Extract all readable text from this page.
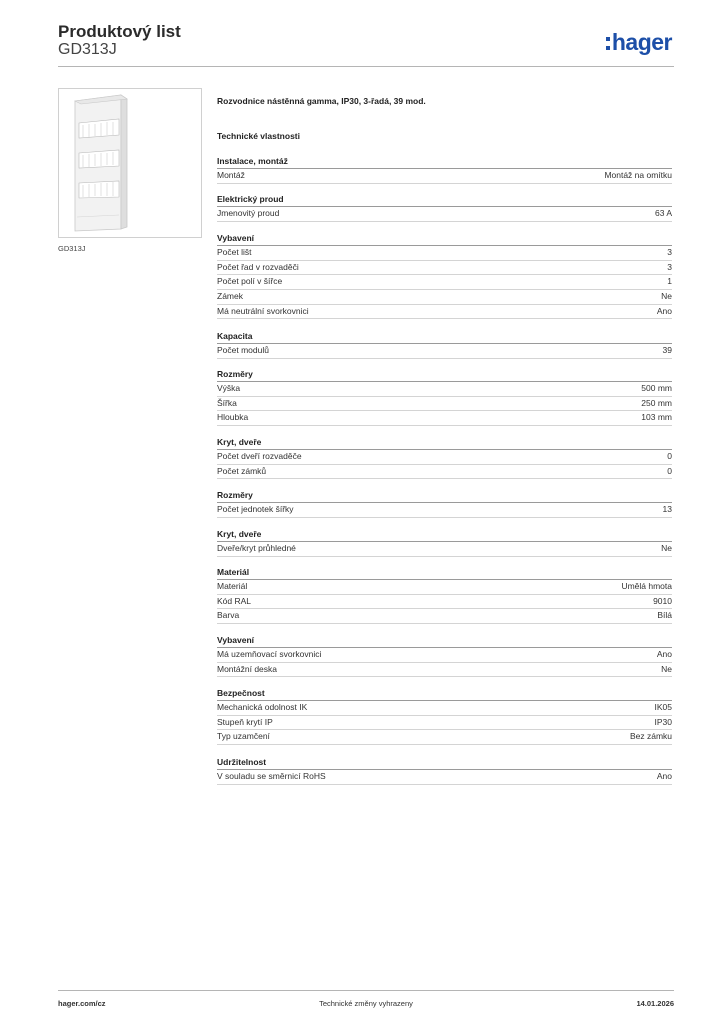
Produktový list
GD313J	hager
GD313J
Rozvodnice nástěnná gamma, IP30, 3-řadá, 39 mod.
Technické vlastnosti
Instalace, montáž
Montáž	Montáž na omítku
Elektrický proud
Jmenovitý proud	63 A
Vybavení
Počet lišt	3
Počet řad v rozvaděči	3
Počet polí v šířce	1
Zámek	Ne
Má neutrální svorkovnici	Ano
Kapacita
Počet modulů	39
Rozměry
Výška	500 mm
Šířka	250 mm
Hloubka	103 mm
Kryt, dveře
Počet dveří rozvaděče	0
Počet zámků	0
Rozměry
Počet jednotek šířky	13
Kryt, dveře
Dveře/kryt průhledné	Ne
Materiál
Materiál	Umělá hmota
Kód RAL	9010
Barva	Bílá
Vybavení
Má uzemňovací svorkovnici	Ano
Montážní deska	Ne
Bezpečnost
Mechanická odolnost IK	IK05
Stupeň krytí IP	IP30
Typ uzamčení	Bez zámku
Udržitelnost
V souladu se směrnicí RoHS	Ano
hager.com/cz	Technické změny vyhrazeny	14.01.2026
